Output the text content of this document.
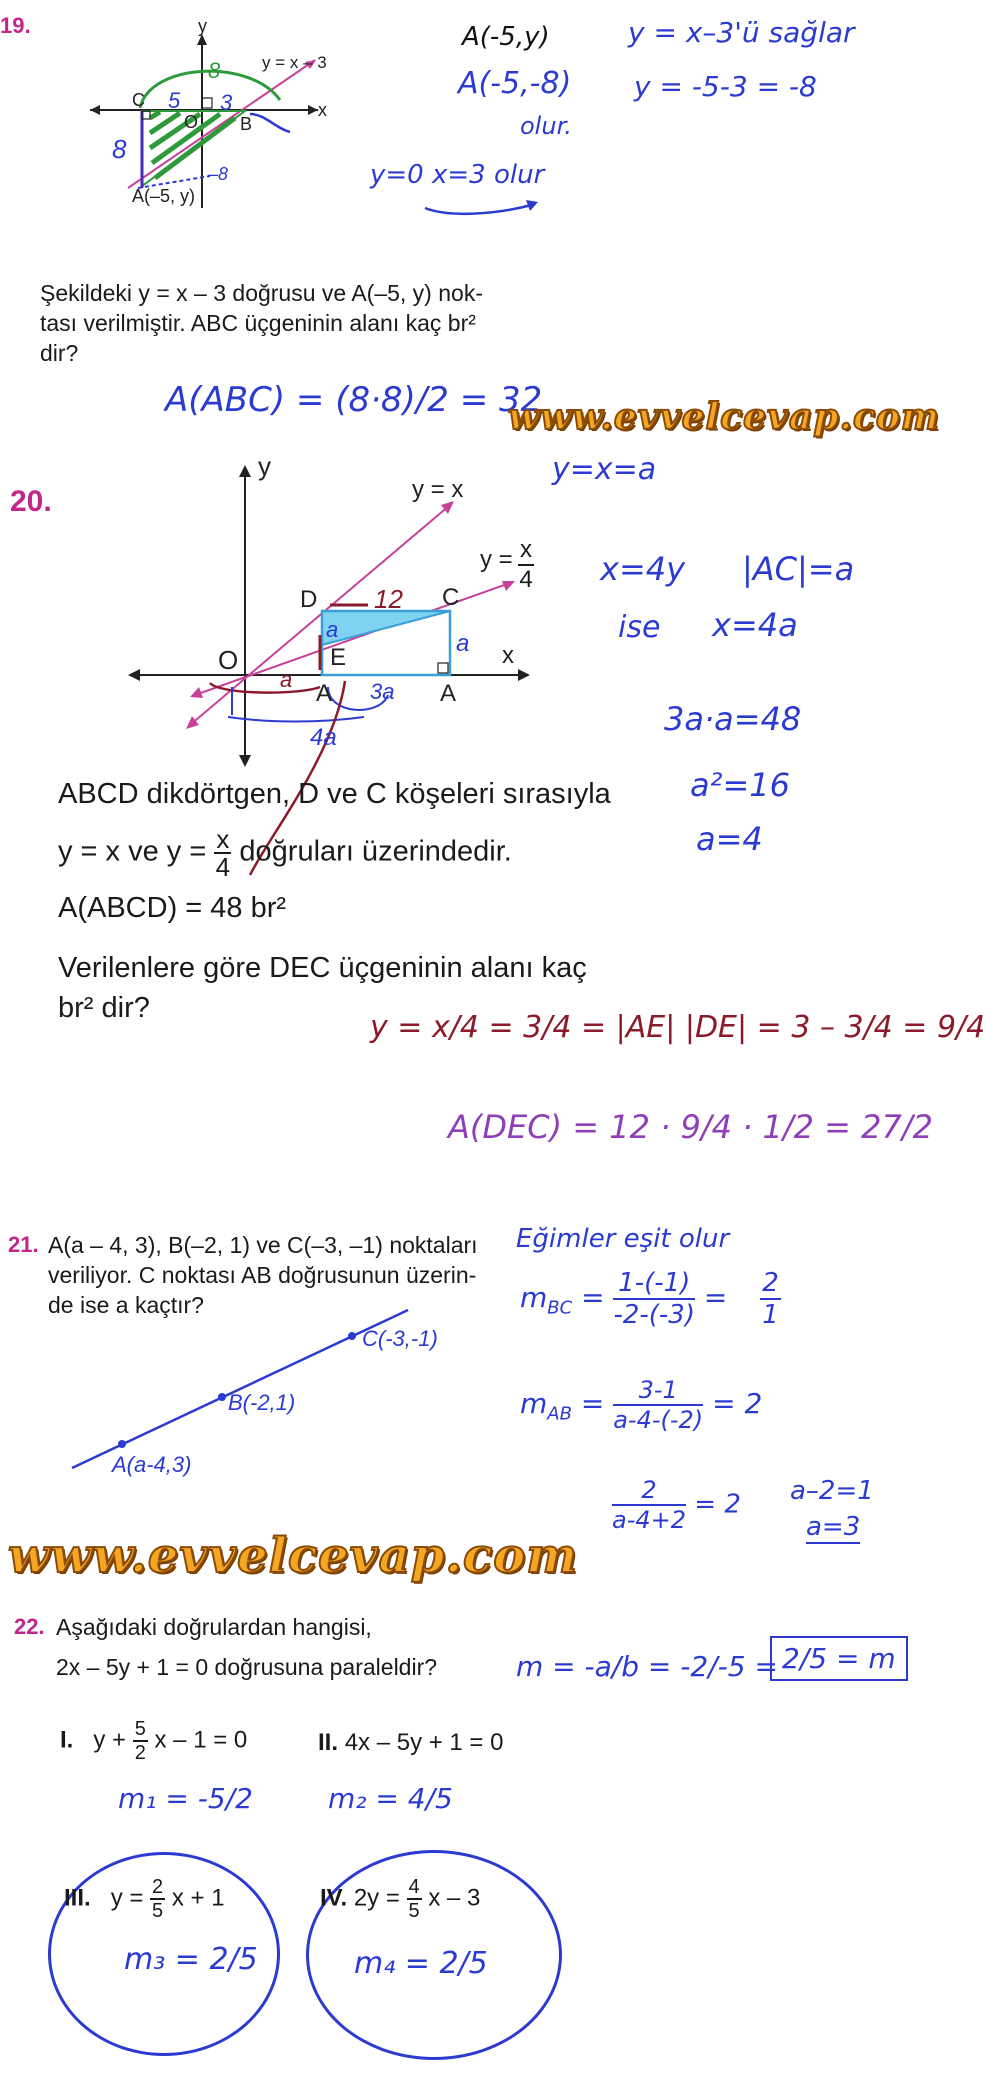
19.	y
x
y = x – 3
C
O B
A(–5, y)
8
8
5 3
–8
A(-5,y)	y = x–3'ü sağlar
A(-5,-8) y = -5-3 = -8
olur.
y=0 x=3 olur
Şekildeki y = x – 3 doğrusu ve A(–5, y) nok-
tası verilmiştir. ABC üçgeninin alanı kaç br²
dir?
A(ABC) = (8·8)/2 = 32
www.evvelcevap.com
20.
y=x=a
y
x
y = x
y =
D	C
E
O
A	A
12
a
a
3a
4a
a
$\frac{x}{4} x=4y$ |AC|=a
ise x=4a
3a·a=48
a²=16
a=4
ABCD dikdörtgen, D ve C köşeleri sırasıyla
y = x ve $y = \frac{x}{4}$ doğruları üzerindedir.
A(ABCD) = 48 br²
Verilenlere göre DEC üçgeninin alanı kaç
br² dir?
y = x/4 = 3/4 = |AE| |DE| = 3 – 3/4 = 9/4
A(DEC) = 12 · 9/4 · 1/2 = 27/2
21. A(a – 4, 3), B(–2, 1) ve C(–3, –1) noktaları
veriliyor. C noktası AB doğrusunun üzerin-
de ise a kaçtır?
C(-3,-1)
B(-2,1)
A(a-4,3)
Eğimler eşit olur
$m_{BC} = \frac{1-(-1)}{-2-(-3)} = \frac{2}{1}$
$m_{AB} = \frac{3-1}{a-4-(-2)} = 2$
$\frac{2}{a-4+2} = 2$ a–2=1
a=3
www.evvelcevap.com
22. Aşağıdaki doğrulardan hangisi,
2x – 5y + 1 = 0 doğrusuna paraleldir?	m = -a/b = -2/-5 = 2/5 = m
I. $y + \frac{5}{2}$ x – 1 = 0	II. 4x – 5y + 1 = 0
m₁ = -5/2	m₂ = 4/5
III. $y = \frac{2}{5}$ x + 1	IV. $2y = \frac{4}{5}$ x – 3
m₃ = 2/5	m₄ = 2/5
